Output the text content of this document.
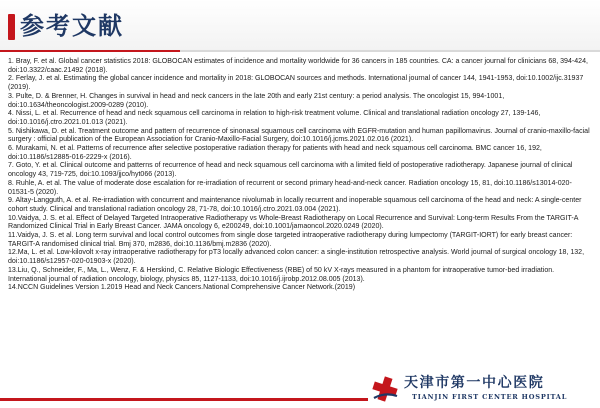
参考文献
1. Bray, F. et al. Global cancer statistics 2018: GLOBOCAN estimates of incidence and mortality worldwide for 36 cancers in 185 countries. CA: a cancer journal for clinicians 68, 394-424, doi:10.3322/caac.21492 (2018).
2. Ferlay, J. et al. Estimating the global cancer incidence and mortality in 2018: GLOBOCAN sources and methods. International journal of cancer 144, 1941-1953, doi:10.1002/ijc.31937 (2019).
3. Pulte, D. & Brenner, H. Changes in survival in head and neck cancers in the late 20th and early 21st century: a period analysis. The oncologist 15, 994-1001, doi:10.1634/theoncologist.2009-0289 (2010).
4. Nissi, L. et al. Recurrence of head and neck squamous cell carcinoma in relation to high-risk treatment volume. Clinical and translational radiation oncology 27, 139-146, doi:10.1016/j.ctro.2021.01.013 (2021).
5. Nishikawa, D. et al. Treatment outcome and pattern of recurrence of sinonasal squamous cell carcinoma with EGFR-mutation and human papillomavirus. Journal of cranio-maxillo-facial surgery : official publication of the European Association for Cranio-Maxillo-Facial Surgery, doi:10.1016/j.jcms.2021.02.016 (2021).
6. Murakami, N. et al. Patterns of recurrence after selective postoperative radiation therapy for patients with head and neck squamous cell carcinoma. BMC cancer 16, 192, doi:10.1186/s12885-016-2229-x (2016).
7. Goto, Y. et al. Clinical outcome and patterns of recurrence of head and neck squamous cell carcinoma with a limited field of postoperative radiotherapy. Japanese journal of clinical oncology 43, 719-725, doi:10.1093/jjco/hyt066 (2013).
8. Ruhle, A. et al. The value of moderate dose escalation for re-irradiation of recurrent or second primary head-and-neck cancer. Radiation oncology 15, 81, doi:10.1186/s13014-020-01531-5 (2020).
9. Altay-Langguth, A. et al. Re-irradiation with concurrent and maintenance nivolumab in locally recurrent and inoperable squamous cell carcinoma of the head and neck: A single-center cohort study. Clinical and translational radiation oncology 28, 71-78, doi:10.1016/j.ctro.2021.03.004 (2021).
10.Vaidya, J. S. et al. Effect of Delayed Targeted Intraoperative Radiotherapy vs Whole-Breast Radiotherapy on Local Recurrence and Survival: Long-term Results From the TARGIT-A Randomized Clinical Trial in Early Breast Cancer. JAMA oncology 6, e200249, doi:10.1001/jamaoncol.2020.0249 (2020).
11.Vaidya, J. S. et al. Long term survival and local control outcomes from single dose targeted intraoperative radiotherapy during lumpectomy (TARGIT-IORT) for early breast cancer: TARGIT-A randomised clinical trial. Bmj 370, m2836, doi:10.1136/bmj.m2836 (2020).
12.Ma, L. et al. Low-kilovolt x-ray intraoperative radiotherapy for pT3 locally advanced colon cancer: a single-institution retrospective analysis. World journal of surgical oncology 18, 132, doi:10.1186/s12957-020-01903-x (2020).
13.Liu, Q., Schneider, F., Ma, L., Wenz, F. & Herskind, C. Relative Biologic Effectiveness (RBE) of 50 kV X-rays measured in a phantom for intraoperative tumor-bed irradiation. International journal of radiation oncology, biology, physics 85, 1127-1133, doi:10.1016/j.ijrobp.2012.08.005 (2013).
14.NCCN Guidelines Version 1.2019 Head and Neck Cancers.National Comprehensive Cancer Network.(2019)

天津市第一中心医院

TIANJIN FIRST CENTER HOSPITAL
